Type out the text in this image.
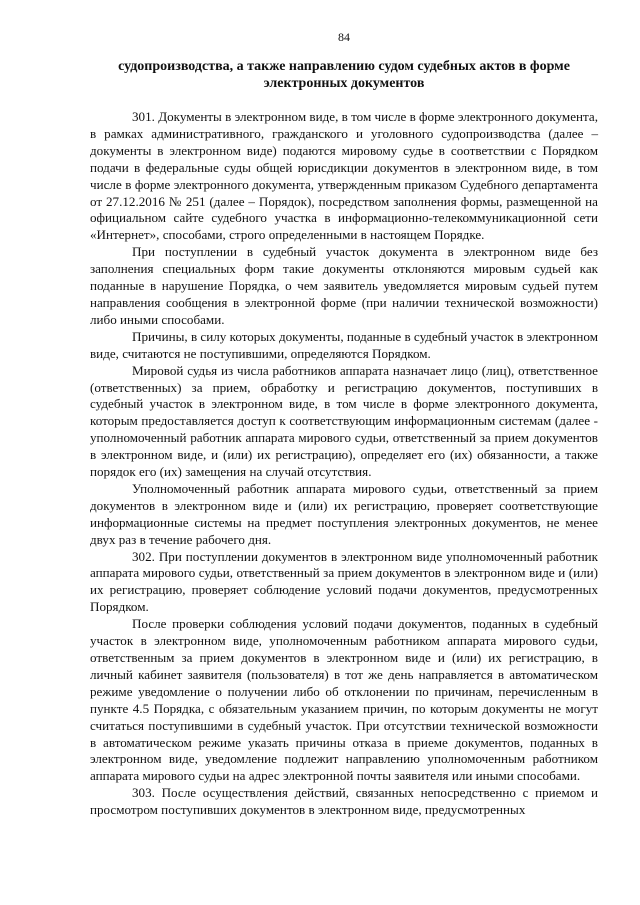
84
судопроизводства, а также направлению судом судебных актов в форме
электронных документов

301. Документы в электронном виде, в том числе в форме электронного документа, в рамках административного, гражданского и уголовного судопроизводства (далее – документы в электронном виде) подаются мировому судье в соответствии с Порядком подачи в федеральные суды общей юрисдикции документов в электронном виде, в том числе в форме электронного документа, утвержденным приказом Судебного департамента от 27.12.2016 № 251 (далее – Порядок), посредством заполнения формы, размещенной на официальном сайте судебного участка в информационно-телекоммуникационной сети «Интернет», способами, строго определенными в настоящем Порядке.

При поступлении в судебный участок документа в электронном виде без заполнения специальных форм такие документы отклоняются мировым судьей как поданные в нарушение Порядка, о чем заявитель уведомляется мировым судьей путем направления сообщения в электронной форме (при наличии технической возможности) либо иными способами.

Причины, в силу которых документы, поданные в судебный участок в электронном виде, считаются не поступившими, определяются Порядком.

Мировой судья из числа работников аппарата назначает лицо (лиц), ответственное (ответственных) за прием, обработку и регистрацию документов, поступивших в судебный участок в электронном виде, в том числе в форме электронного документа, которым предоставляется доступ к соответствующим информационным системам (далее - уполномоченный работник аппарата мирового судьи, ответственный за прием документов в электронном виде, и (или) их регистрацию), определяет его (их) обязанности, а также порядок его (их) замещения на случай отсутствия.

Уполномоченный работник аппарата мирового судьи, ответственный за прием документов в электронном виде и (или) их регистрацию, проверяет соответствующие информационные системы на предмет поступления электронных документов, не менее двух раз в течение рабочего дня.

302. При поступлении документов в электронном виде уполномоченный работник аппарата мирового судьи, ответственный за прием документов в электронном виде и (или) их регистрацию, проверяет соблюдение условий подачи документов, предусмотренных Порядком.

После проверки соблюдения условий подачи документов, поданных в судебный участок в электронном виде, уполномоченным работником аппарата мирового судьи, ответственным за прием документов в электронном виде и (или) их регистрацию, в личный кабинет заявителя (пользователя) в тот же день направляется в автоматическом режиме уведомление о получении либо об отклонении по причинам, перечисленным в пункте 4.5 Порядка, с обязательным указанием причин, по которым документы не могут считаться поступившими в судебный участок. При отсутствии технической возможности в автоматическом режиме указать причины отказа в приеме документов, поданных в электронном виде, уведомление подлежит направлению уполномоченным работником аппарата мирового судьи на адрес электронной почты заявителя или иными способами.

303. После осуществления действий, связанных непосредственно с приемом и просмотром поступивших документов в электронном виде, предусмотренных
